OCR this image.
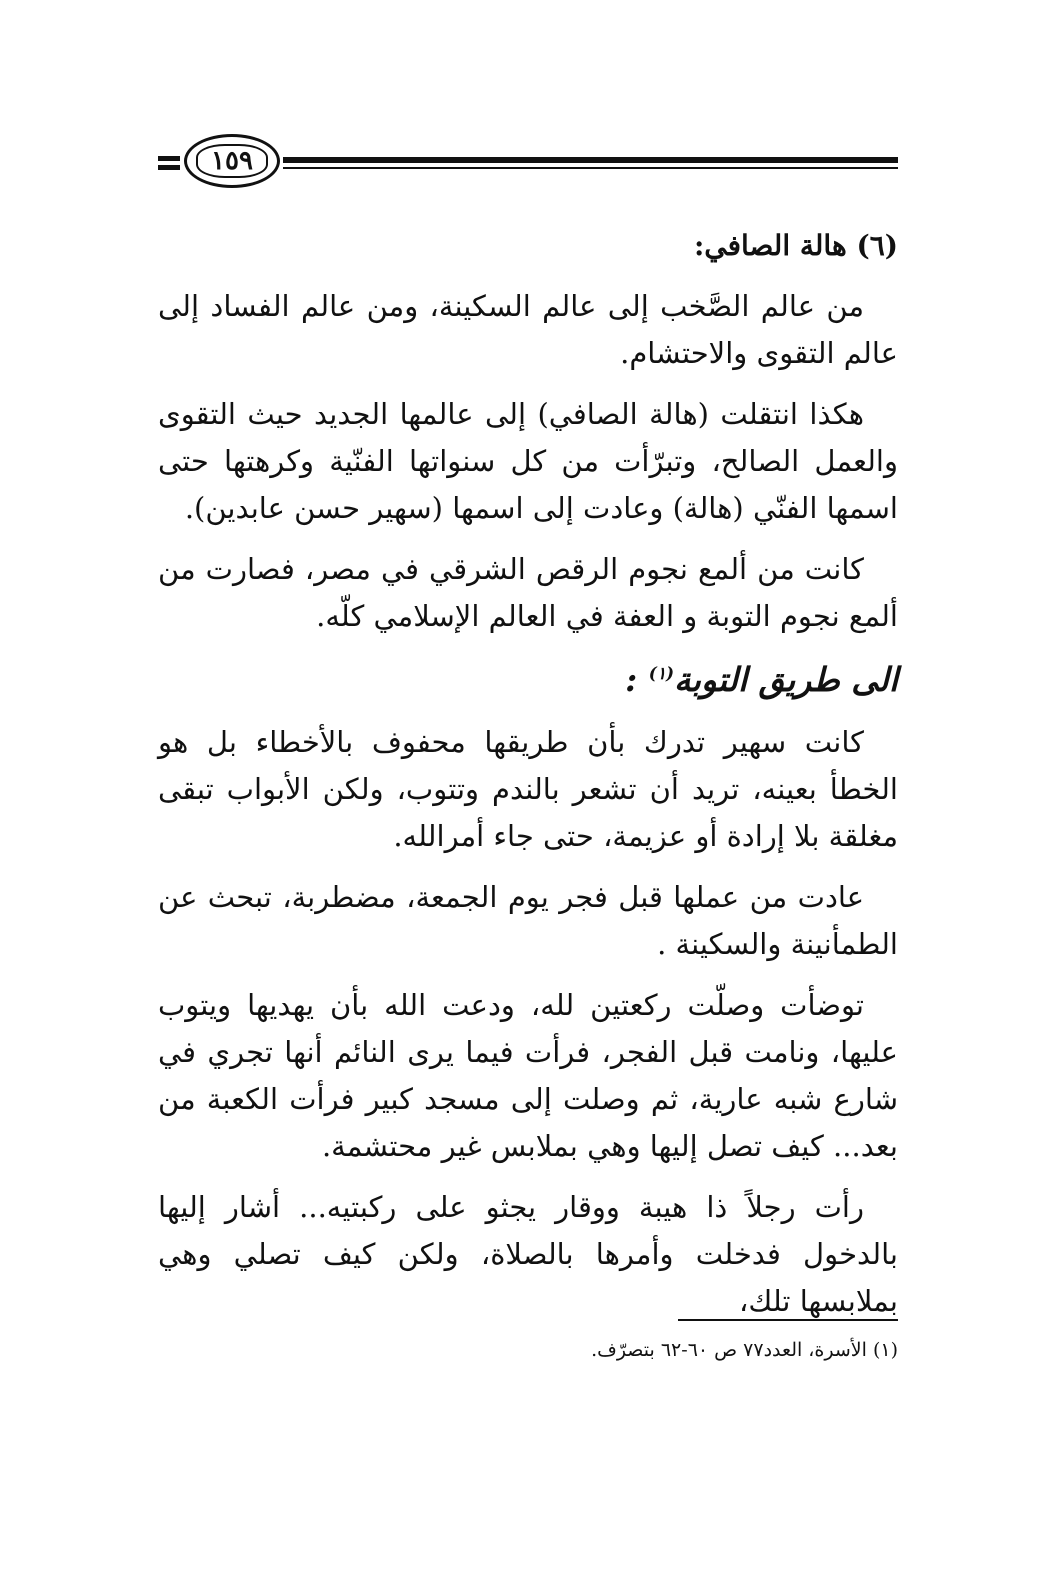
١٥٩
(٦) هالة الصافي:
من عالم الصَّخب إلى عالم السكينة، ومن عالم الفساد إلى عالم التقوى والاحتشام.
هكذا انتقلت (هالة الصافي) إلى عالمها الجديد حيث التقوى والعمل الصالح، وتبرّأت من كل سنواتها الفنّية وكرهتها حتى اسمها الفنّي (هالة) وعادت إلى اسمها (سهير حسن عابدين).
كانت من ألمع نجوم الرقص الشرقي في مصر، فصارت من ألمع نجوم التوبة و العفة في العالم الإسلامي كلّه.
الى طريق التوبة$^{(١)}$ :
كانت سهير تدرك بأن طريقها محفوف بالأخطاء بل هو الخطأ بعينه، تريد أن تشعر بالندم وتتوب، ولكن الأبواب تبقى مغلقة بلا إرادة أو عزيمة، حتى جاء أمرالله.
عادت من عملها قبل فجر يوم الجمعة، مضطربة، تبحث عن الطمأنينة والسكينة .
توضأت وصلّت ركعتين لله، ودعت الله بأن يهديها ويتوب عليها، ونامت قبل الفجر، فرأت فيما يرى النائم أنها تجري في شارع شبه عارية، ثم وصلت إلى مسجد كبير فرأت الكعبة من بعد... كيف تصل إليها وهي بملابس غير محتشمة.
رأت رجلاً ذا هيبة ووقار يجثو على ركبتيه... أشار إليها بالدخول فدخلت وأمرها بالصلاة، ولكن كيف تصلي وهي بملابسها تلك،
(١) الأسرة، العدد٧٧ ص ٦٠-٦٢ بتصرّف.
